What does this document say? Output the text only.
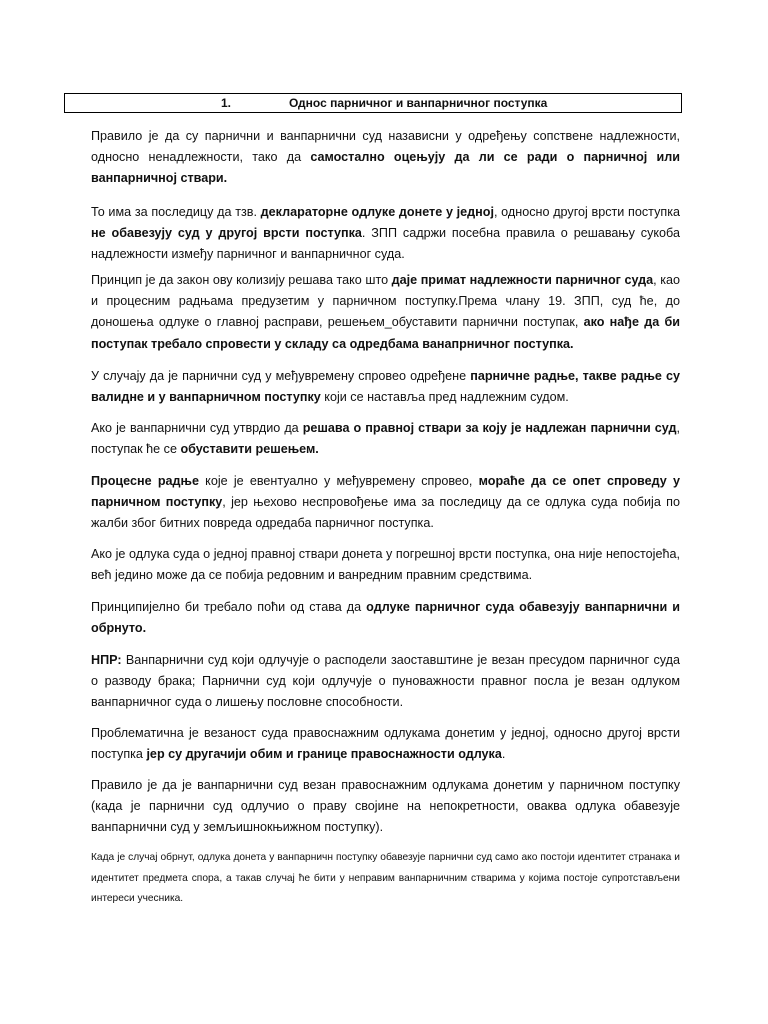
1.	Однос парничног и ванпарничног поступка

Правило је да су парнични и ванпарнични суд назависни у одређењу сопствене надлежности, односно ненадлежности, тако да самостално оцењују да ли се ради о парничној или ванпарничној ствари.

То има за последицу да тзв. деклараторне одлуке донете у једној, односно другој врсти поступка не обавезују суд у другој врсти поступка. ЗПП садржи посебна правила о решавању сукоба надлежности између парничног и ванпарничног суда.

Принцип је да закон ову колизију решава тако што даје примат надлежности парничног суда, као и процесним радњама предузетим у парничном поступку.Према члану 19. ЗПП, суд ће, до доношења одлуке о главној расправи, решењем_обуставити парнични поступак, ако нађе да би поступак требало спровести у складу са одредбама ванапрничног поступка.

У случају да је парнични суд у међувремену спровео одређене парничне радње, такве радње су валидне и у ванпарничном поступку који се наставља пред надлежним судом.

Ако је ванпарнични суд утврдио да решава о правној ствари за коју је надлежан парнични суд, поступак ће се обуставити решењем.

Процесне радње које је евентуално у међувремену спровео, мораће да се опет спроведу у парничном поступку, јер њехово неспровођење има за последицу да се одлука суда побија по жалби због битних повреда одредаба парничног поступка.

Ако је одлука суда о једној правној ствари донета у погрешној врсти поступка, она није непостојећа, већ једино може да се побија редовним и ванредним правним средствима.

Принципијелно би требало поћи од става да одлуке парничног суда обавезују ванпарнични и обрнуто.

НПР: Ванпарнични суд који одлучује о расподели заоставштине је везан пресудом парничног суда о разводу брака; Парнични суд који одлучује о пуноважности правног посла је везан одлуком ванпарничног суда о лишењу пословне способности.

Проблематична је везаност суда правоснажним одлукама донетим у једној, односно другој врсти поступка јер су другачији обим и границе правоснажности одлука.

Правило је да је ванпарнични суд везан правоснажним одлукама донетим у парничном поступку (када је парнични суд одлучио о праву својине на непокретности, оваква одлука обавезује ванпарнични суд у земљишнокњижном поступку).

Када је случај обрнут, одлука донета у ванпарничн поступку обавезује парнични суд само ако постоји идентитет странака и идентитет предмета спора, а такав случај ће бити у неправим ванпарничним стварима у којима постоје супротстављени интереси учесника.
